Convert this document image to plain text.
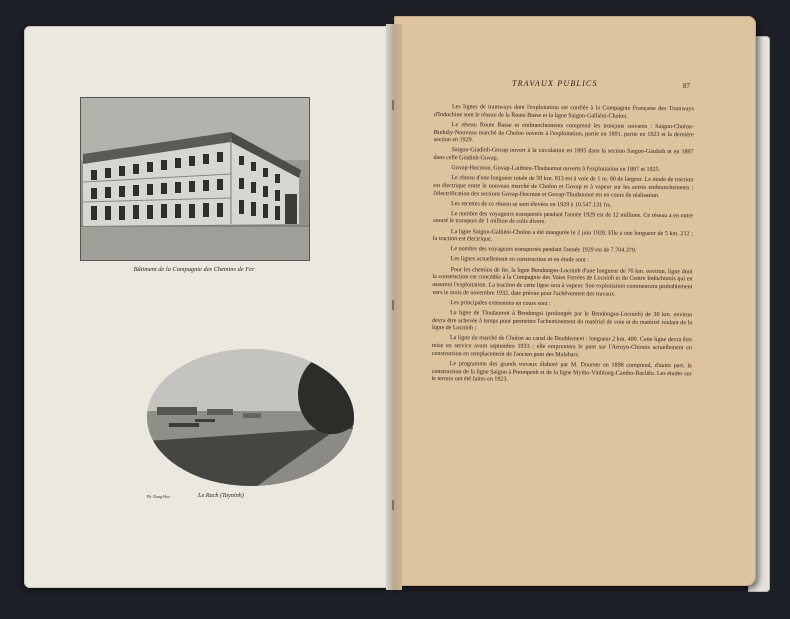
Bâtiment de la Compagnie des Chemins de Fer
Ph. Dang-Hoa	Le Rach (Tayninh)
TRAVAUX PUBLICS	87

Les lignes de tramways dont l'exploitation est confiée à la Compagnie Française des Tramways d'Indochine sont le réseau de la Route Basse et la ligne Saigon-Galliéni-Cholon.

Le réseau Route Basse et embranchements comprend les tronçons suivants : Saigon-Cholon-Binhtây-Nouveau marché de Cholon ouverts à l'exploitation, partie en 1891, partie en 1923 et la dernière section en 1929.

Saigon-Giadinh-Govap ouvert à la circulation en 1895 dans la section Saigon-Giadinh et en 1897 dans celle Giadinh-Govap.

Govap-Hocmon, Govap-Laithieu-Thudaumot ouverts à l'exploitation en 1897 et 1925.

Le réseau d'une longueur totale de 50 km. 813 est à voie de 1 m. 00 de largeur. Le mode de traction est électrique entre le nouveau marché de Cholon et Govap et à vapeur sur les autres embranchements ; l'électrification des sections Govap-Hocmon et Govap-Thudaumot est en cours de réalisation.

Les recettes de ce réseau se sont élevées en 1929 à 10.547.131 frs.

Le nombre des voyageurs transportés pendant l'année 1929 est de 12 millions. Ce réseau a en outre assuré le transport de 1 million de colis divers.

La ligne Saigon-Galliéni-Cholon a été inaugurée le 2 juin 1928. Elle a une longueur de 5 km. 212 ; la traction est électrique.

Le nombre des voyageurs transportés pendant l'année 1929 est de 7.704.379.

Les lignes actuellement en construction et en étude sont :

Pour les chemins de fer, la ligne Bendongso-Locninh d'une longueur de 70 km. environ, ligne dont la construction est concédée à la Compagnie des Voies Ferrées de Locninh et du Centre Indochinois qui en assurera l'exploitation. La traction de cette ligne sera à vapeur. Son exploitation commencera probablement vers le mois de novembre 1932, date prévue pour l'achèvement des travaux.

Les principales extensions en cours sont :

La ligne de Thudaumot à Bendongsi (prolongée par le Bendongso-Locninh) de 30 km. environ devra être achevée à temps pour permettre l'acheminement du matériel de voie et du matériel roulant de la ligne de Locninh ;

La ligne du marché de Cholon au canal de Doublement : longueur 2 km. 400. Cette ligne devra être mise en service avant septembre 1933 ; elle empruntera le pont sur l'Arroyo-Chinois actuellement en construction en remplacement de l'ancien pont des Malabars.

Le programme des grands travaux élaboré par M. Doumer en 1898 comprend, d'autre part, la construction de la ligne Saigon à Pnompenh et de la ligne Mytho-Vinhlong-Cantho-Bacliêu. Les études sur le terrain ont été faites en 1923.
